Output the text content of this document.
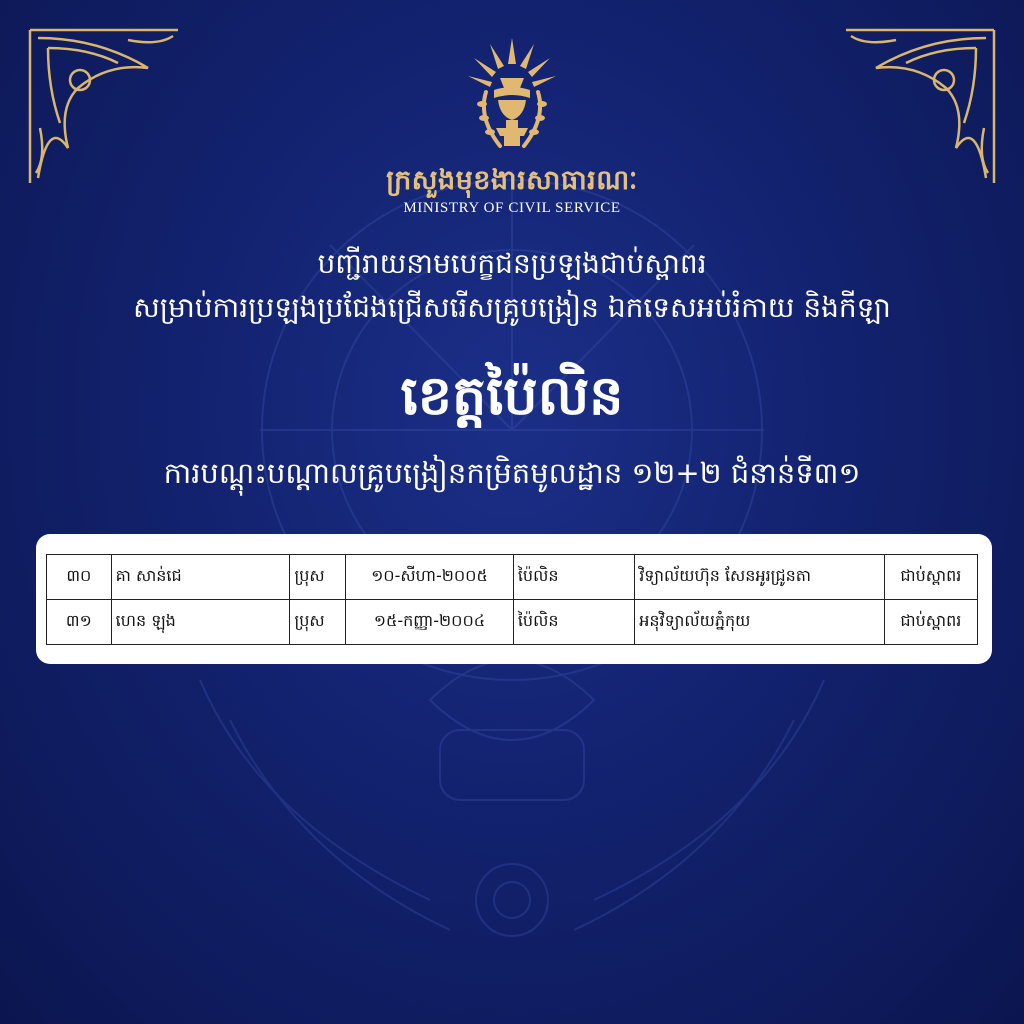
ក្រសួងមុខងារសាធារណៈ
MINISTRY OF CIVIL SERVICE
បញ្ជីរាយនាមបេក្ខជនប្រឡងជាប់ស្ពាពរ
សម្រាប់ការប្រឡងប្រជែងជ្រើសរើសគ្រូបង្រៀន ឯកទេសអប់រំកាយ និងកីឡា
ខេត្តប៉ៃលិន
ការបណ្តុះបណ្តាលគ្រូបង្រៀនកម្រិតមូលដ្ឋាន ១២+២ ជំនាន់ទី៣១
៣០	គា សាន់ជេ	ប្រុស	១០-សីហា-២០០៥	ប៉ៃលិន	វិទ្យាល័យហ៊ុន សែនអូរជ្រូនតា	ជាប់ស្ពាពរ
៣១	ហេន ឡុង	ប្រុស	១៥-កញ្ញា-២០០៤	ប៉ៃលិន	អនុវិទ្យាល័យភ្នំកុយ	ជាប់ស្ពាពរ
